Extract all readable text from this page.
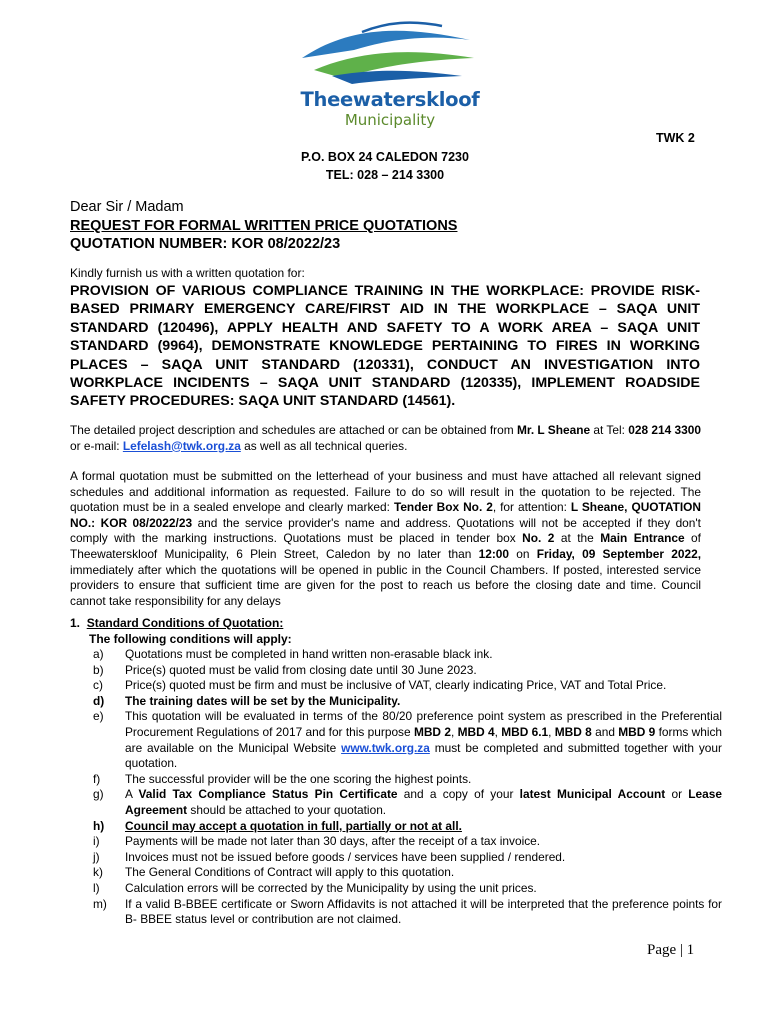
Theewaterskloof
Municipality
TWK 2
P.O. BOX 24 CALEDON 7230
TEL: 028 – 214 3300
Dear Sir / Madam
REQUEST FOR FORMAL WRITTEN PRICE QUOTATIONS
QUOTATION NUMBER: KOR 08/2022/23
Kindly furnish us with a written quotation for:
PROVISION OF VARIOUS COMPLIANCE TRAINING IN THE WORKPLACE: PROVIDE RISK-BASED PRIMARY EMERGENCY CARE/FIRST AID IN THE WORKPLACE – SAQA UNIT STANDARD (120496), APPLY HEALTH AND SAFETY TO A WORK AREA – SAQA UNIT STANDARD (9964), DEMONSTRATE KNOWLEDGE PERTAINING TO FIRES IN WORKING PLACES – SAQA UNIT STANDARD (120331), CONDUCT AN INVESTIGATION INTO WORKPLACE INCIDENTS – SAQA UNIT STANDARD (120335), IMPLEMENT ROADSIDE SAFETY PROCEDURES: SAQA UNIT STANDARD (14561).
The detailed project description and schedules are attached or can be obtained from Mr. L Sheane at Tel: 028 214 3300 or e-mail: Lefelash@twk.org.za as well as all technical queries.
A formal quotation must be submitted on the letterhead of your business and must have attached all relevant signed schedules and additional information as requested. Failure to do so will result in the quotation to be rejected. The quotation must be in a sealed envelope and clearly marked: Tender Box No. 2, for attention: L Sheane, QUOTATION NO.: KOR 08/2022/23 and the service provider's name and address. Quotations will not be accepted if they don't comply with the marking instructions. Quotations must be placed in tender box No. 2 at the Main Entrance of Theewaterskloof Municipality, 6 Plein Street, Caledon by no later than 12:00 on Friday, 09 September 2022, immediately after which the quotations will be opened in public in the Council Chambers. If posted, interested service providers to ensure that sufficient time are given for the post to reach us before the closing date and time. Council cannot take responsibility for any delays
1. Standard Conditions of Quotation:
The following conditions will apply:
a)	Quotations must be completed in hand written non-erasable black ink.
b)	Price(s) quoted must be valid from closing date until 30 June 2023.
c)	Price(s) quoted must be firm and must be inclusive of VAT, clearly indicating Price, VAT and Total Price.
d)	The training dates will be set by the Municipality.
e)	This quotation will be evaluated in terms of the 80/20 preference point system as prescribed in the Preferential Procurement Regulations of 2017 and for this purpose MBD 2, MBD 4, MBD 6.1, MBD 8 and MBD 9 forms which are available on the Municipal Website www.twk.org.za must be completed and submitted together with your quotation.
f)	The successful provider will be the one scoring the highest points.
g)	A Valid Tax Compliance Status Pin Certificate and a copy of your latest Municipal Account or Lease Agreement should be attached to your quotation.
h)	Council may accept a quotation in full, partially or not at all.
i)	Payments will be made not later than 30 days, after the receipt of a tax invoice.
j)	Invoices must not be issued before goods / services have been supplied / rendered.
k)	The General Conditions of Contract will apply to this quotation.
l)	Calculation errors will be corrected by the Municipality by using the unit prices.
m)	If a valid B-BBEE certificate or Sworn Affidavits is not attached it will be interpreted that the preference points for B- BBEE status level or contribution are not claimed.
Page | 1
